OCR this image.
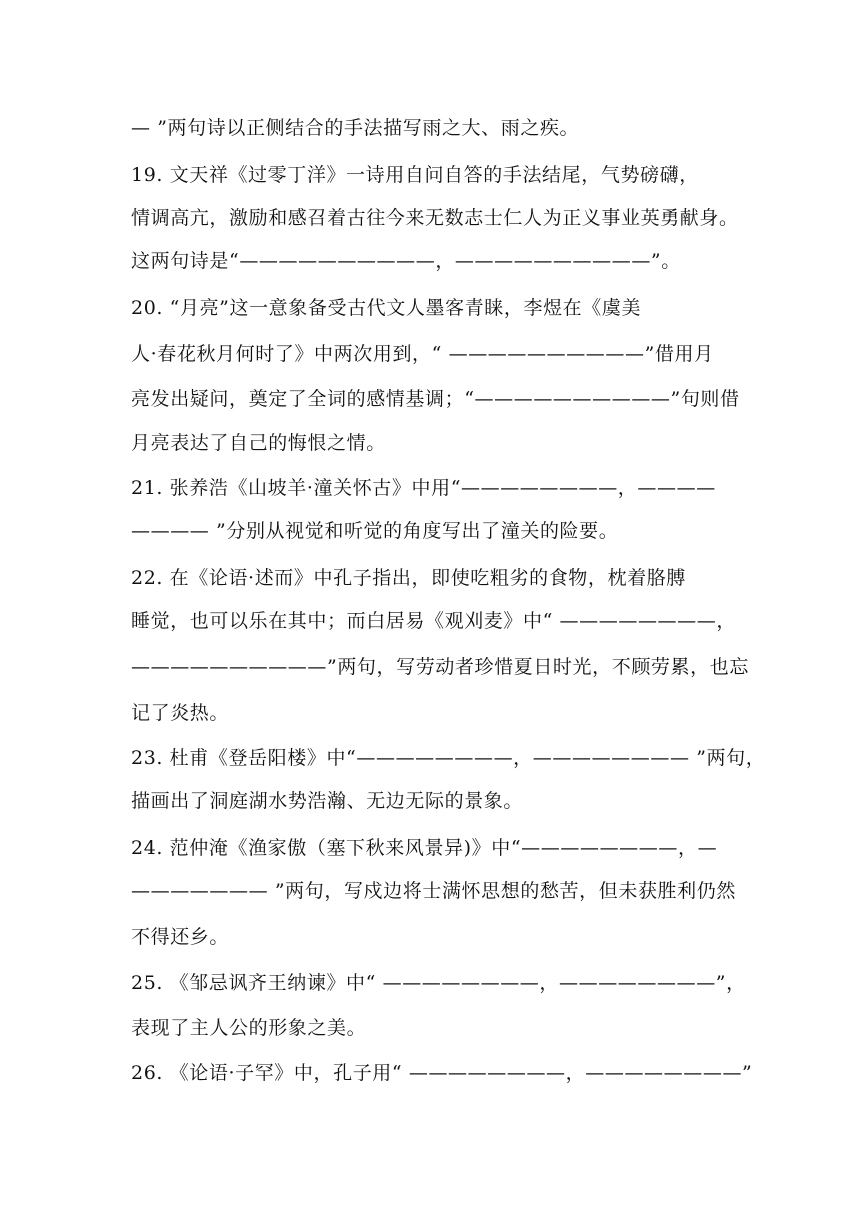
— ”两句诗以正侧结合的手法描写雨之大、雨之疾。
19. 文天祥《过零丁洋》一诗用自问自答的手法结尾，气势磅礴，
情调高亢，激励和感召着古往今来无数志士仁人为正义事业英勇献身。
这两句诗是“——————————，——————————”。
20. “月亮”这一意象备受古代文人墨客青睐，李煜在《虞美
人·春花秋月何时了》中两次用到，“ ——————————”借用月
亮发出疑问，奠定了全词的感情基调；“——————————”句则借
月亮表达了自己的悔恨之情。
21. 张养浩《山坡羊·潼关怀古》中用“————————，————
———— ”分别从视觉和听觉的角度写出了潼关的险要。
22. 在《论语·述而》中孔子指出，即使吃粗劣的食物，枕着胳膊
睡觉，也可以乐在其中；而白居易《观刈麦》中“ ————————，
——————————”两句，写劳动者珍惜夏日时光，不顾劳累，也忘
记了炎热。
23. 杜甫《登岳阳楼》中“————————，———————— ”两句，
描画出了洞庭湖水势浩瀚、无边无际的景象。
24. 范仲淹《渔家傲（塞下秋来风景异)》中“————————，—
——————— ”两句，写戍边将士满怀思想的愁苦，但未获胜利仍然
不得还乡。
25. 《邹忌讽齐王纳谏》中“ ————————，————————”，
表现了主人公的形象之美。
26. 《论语·子罕》中，孔子用“ ————————，————————”
